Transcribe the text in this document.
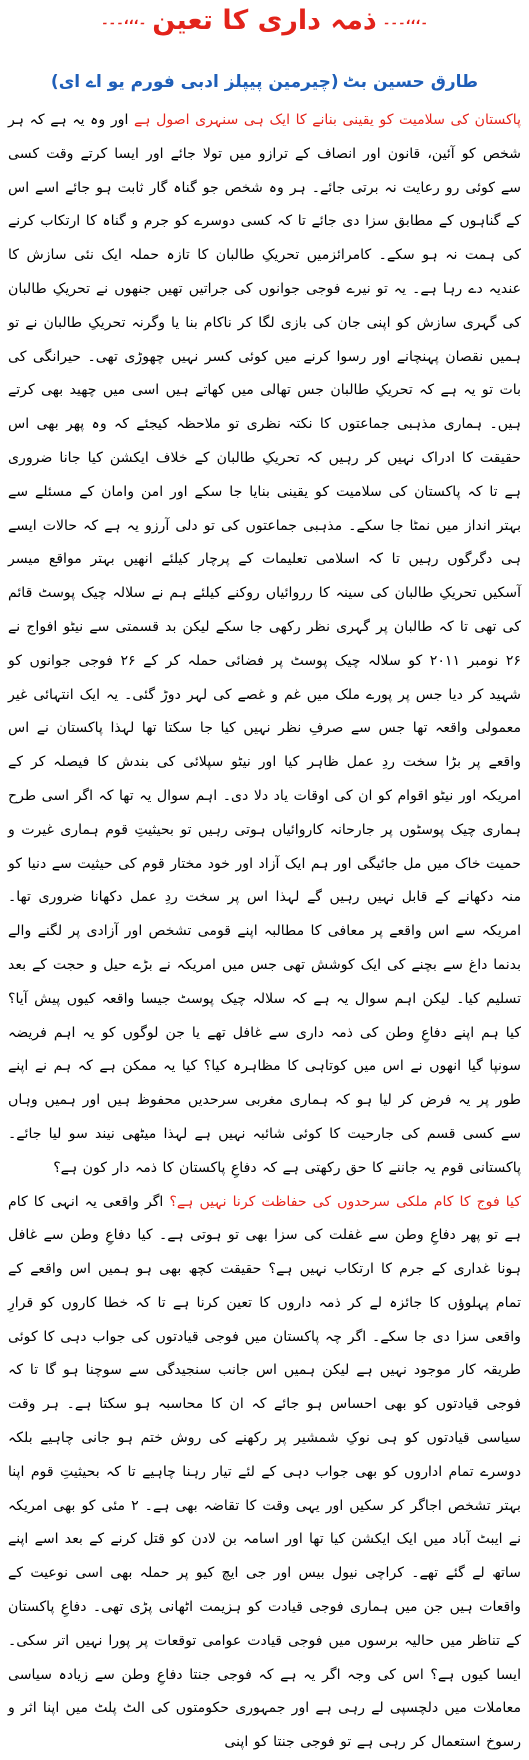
۔،،،۔۔۔
ذمہ داری کا تعین
۔،،،۔۔۔
طارق حسین بٹ
(چیرمین پیپلز ادبی فورم یو اے ای)

پاکستان کی سلامیت کو یقینی بنانے کا ایک ہی سنہری اصول ہے اور وہ یہ ہے کہ ہر شخص کو آئین، قانون اور انصاف کے ترازو میں تولا جائے اور ایسا کرتے وقت کسی سے کوئی رو رعایت نہ برتی جائے۔ ہر وہ شخص جو گناہ گار ثابت ہو جائے اسے اس کے گناہوں کے مطابق سزا دی جائے تا کہ کسی دوسرے کو جرم و گناہ کا ارتکاب کرنے کی ہمت نہ ہو سکے۔ کامرائزمیں تحریکِ طالبان کا تازہ حملہ ایک نئی سازش کا عندیہ دے رہا ہے۔ یہ تو نیرے فوجی جوانوں کی جراتیں تھیں جنھوں نے تحریکِ طالبان کی گہری سازش کو اپنی جان کی بازی لگا کر ناکام بنا یا وگرنہ تحریکِ طالبان نے تو ہمیں نقصان پہنچانے اور رسوا کرنے میں کوئی کسر نہیں چھوڑی تھی۔ حیرانگی کی بات تو یہ ہے کہ تحریکِ طالبان جس تھالی میں کھاتے ہیں اسی میں چھید بھی کرتے ہیں۔ ہماری مذہبی جماعتوں کا نکتہ نظری تو ملاحظہ کیجئے کہ وہ پھر بھی اس حقیقت کا ادراک نہیں کر رہیں کہ تحریکِ طالبان کے خلاف ایکشن کیا جانا ضروری ہے تا کہ پاکستان کی سلامیت کو یقینی بنایا جا سکے اور امن وامان کے مسئلے سے بہتر انداز میں نمٹا جا سکے۔ مذہبی جماعتوں کی تو دلی آرزو یہ ہے کہ حالات ایسے ہی دگرگوں رہیں تا کہ اسلامی تعلیمات کے پرچار کیلئے انھیں بہتر مواقع میسر آسکیں تحریکِ طالبان کی سینہ کا رروائیاں روکنے کیلئے ہم نے سلالہ چیک پوسٹ قائم کی تھی تا کہ طالبان پر گہری نظر رکھی جا سکے لیکن بد قسمتی سے نیٹو افواج نے ۲۶ نومبر ۲۰۱۱ کو سلالہ چیک پوسٹ پر فضائی حملہ کر کے ۲۶ فوجی جوانوں کو شہید کر دیا جس پر پورے ملک میں غم و غصے کی لہر دوڑ گئی۔ یہ ایک انتہائی غیر معمولی واقعہ تھا جس سے صرفِ نظر نہیں کیا جا سکتا تھا لہذا پاکستان نے اس واقعے پر بڑا سخت ردِ عمل ظاہر کیا اور نیٹو سپلائی کی بندش کا فیصلہ کر کے امریکہ اور نیٹو اقوام کو ان کی اوقات یاد دلا دی۔ اہم سوال یہ تھا کہ اگر اسی طرح ہماری چیک پوسٹوں پر جارحانہ کاروائیاں ہوتی رہیں تو بحیثیتِ قوم ہماری غیرت و حمیت خاک میں مل جائیگی اور ہم ایک آزاد اور خود مختار قوم کی حیثیت سے دنیا کو منہ دکھانے کے قابل نہیں رہیں گے لہذا اس پر سخت ردِ عمل دکھانا ضروری تھا۔ امریکہ سے اس واقعے پر معافی کا مطالبہ اپنے قومی تشخص اور آزادی پر لگنے والے بدنما داغ سے بچنے کی ایک کوشش تھی جس میں امریکہ نے بڑے حیل و حجت کے بعد تسلیم کیا۔ لیکن اہم سوال یہ ہے کہ سلالہ چیک پوسٹ جیسا واقعہ کیوں پیش آیا؟ کیا ہم اپنے دفاعِ وطن کی ذمہ داری سے غافل تھے یا جن لوگوں کو یہ اہم فریضہ سونپا گیا انھوں نے اس میں کوتاہی کا مظاہرہ کیا؟ کیا یہ ممکن ہے کہ ہم نے اپنے طور پر یہ فرض کر لیا ہو کہ ہماری مغربی سرحدیں محفوظ ہیں اور ہمیں وہاں سے کسی قسم کی جارحیت کا کوئی شائبہ نہیں ہے لہذا میٹھی نیند سو لیا جائے۔ پاکستانی قوم یہ جاننے کا حق رکھتی ہے کہ دفاعِ پاکستان کا ذمہ دار کون ہے؟

کیا فوج کا کام ملکی سرحدوں کی حفاظت کرنا نہیں ہے؟ اگر واقعی یہ انہی کا کام ہے تو پھر دفاعِ وطن سے غفلت کی سزا بھی تو ہوتی ہے۔ کیا دفاعِ وطن سے غافل ہونا غداری کے جرم کا ارتکاب نہیں ہے؟ حقیقت کچھ بھی ہو ہمیں اس واقعے کے تمام پہلوؤں کا جائزہ لے کر ذمہ داروں کا تعین کرنا ہے تا کہ خطا کاروں کو قرارِ واقعی سزا دی جا سکے۔ اگر چہ پاکستان میں فوجی قیادتوں کی جواب دہی کا کوئی طریقہ کار موجود نہیں ہے لیکن ہمیں اس جانب سنجیدگی سے سوچنا ہو گا تا کہ فوجی قیادتوں کو بھی احساس ہو جائے کہ ان کا محاسبہ ہو سکتا ہے۔ ہر وقت سیاسی قیادتوں کو ہی نوکِ شمشیر پر رکھنے کی روش ختم ہو جانی چاہیے بلکہ دوسرے تمام اداروں کو بھی جواب دہی کے لئے تیار رہنا چاہیے تا کہ بحیثیتِ قوم اپنا بہتر تشخص اجاگر کر سکیں اور یہی وقت کا تقاضہ بھی ہے۔ ۲ مئی کو بھی امریکہ نے ایبٹ آباد میں ایک ایکشن کیا تھا اور اسامہ بن لادن کو قتل کرنے کے بعد اسے اپنے ساتھ لے گئے تھے۔ کراچی نیول بیس اور جی ایچ کیو پر حملہ بھی اسی نوعیت کے واقعات ہیں جن میں ہماری فوجی قیادت کو ہزیمت اٹھانی پڑی تھی۔ دفاعِ پاکستان کے تناظر میں حالیہ برسوں میں فوجی قیادت عوامی توقعات پر پورا نہیں اتر سکی۔ ایسا کیوں ہے؟ اس کی وجہ اگر یہ ہے کہ فوجی جنتا دفاعِ وطن سے زیادہ سیاسی معاملات میں دلچسپی لے رہی ہے اور جمہوری حکومتوں کی الٹ پلٹ میں اپنا اثر و رسوخ استعمال کر رہی ہے تو فوجی جنتا کو اپنی
